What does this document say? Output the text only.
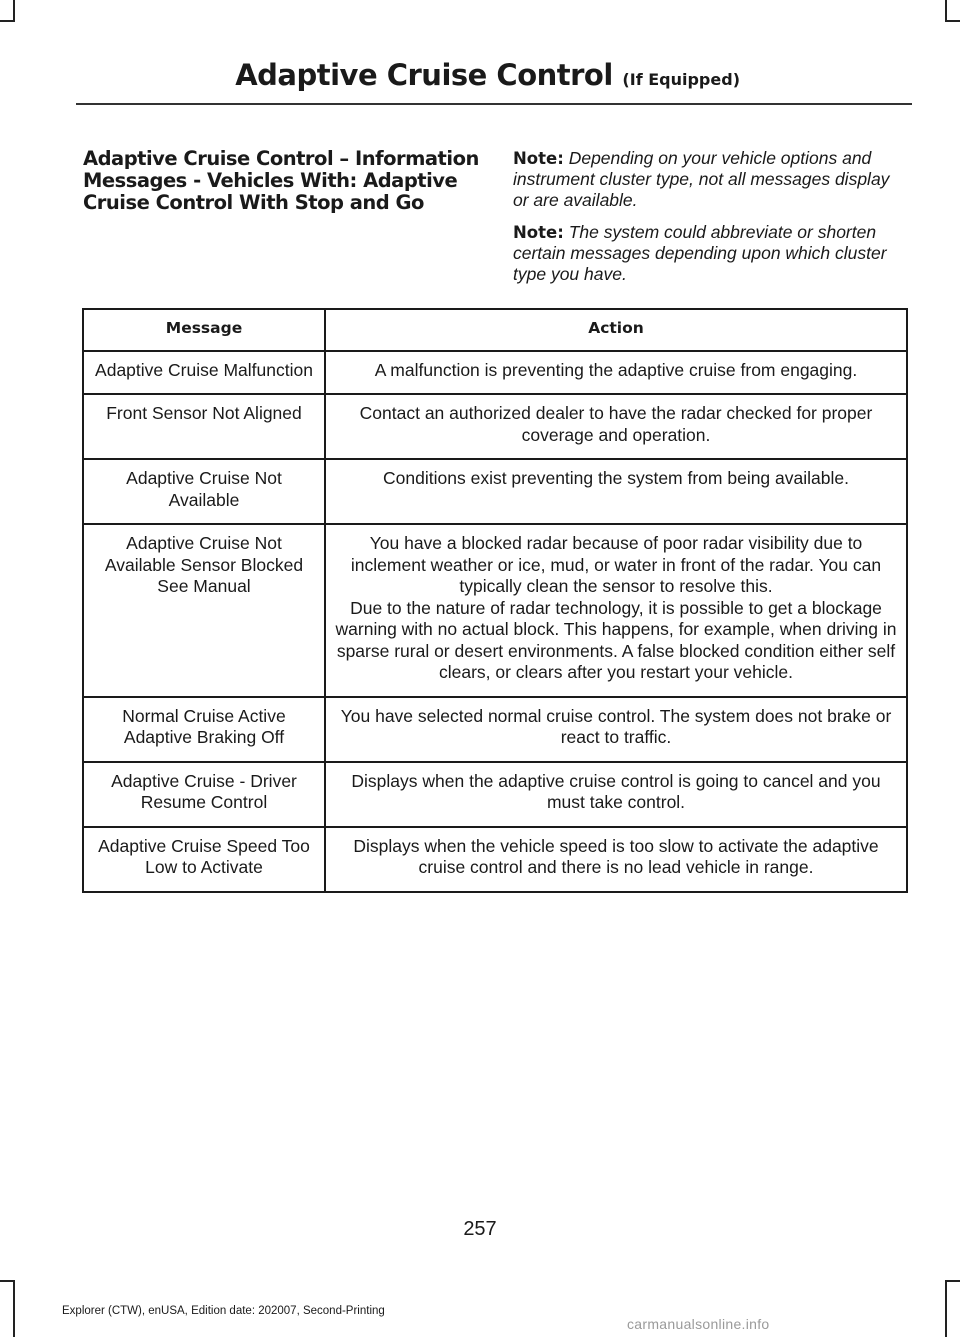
Adaptive Cruise Control (If Equipped)
Adaptive Cruise Control – Information Messages - Vehicles With: Adaptive Cruise Control With Stop and Go

Note: Depending on your vehicle options and instrument cluster type, not all messages display or are available.

Note: The system could abbreviate or shorten certain messages depending upon which cluster type you have.

Message	Action
Adaptive Cruise Malfunction	A malfunction is preventing the adaptive cruise from engaging.

Front Sensor Not Aligned	Contact an authorized dealer to have the radar checked for proper coverage and operation.

Adaptive Cruise Not Available	Conditions exist preventing the system from being available.

Adaptive Cruise Not Available Sensor Blocked See Manual	You have a blocked radar because of poor radar visibility due to inclement weather or ice, mud, or water in front of the radar. You can typically clean the sensor to resolve this.

Due to the nature of radar technology, it is possible to get a blockage warning with no actual block. This happens, for example, when driving in sparse rural or desert environments. A false blocked condition either self clears, or clears after you restart your vehicle.

Normal Cruise Active Adaptive Braking Off	You have selected normal cruise control. The system does not brake or react to traffic.

Adaptive Cruise - Driver Resume Control	Displays when the adaptive cruise control is going to cancel and you must take control.

Adaptive Cruise Speed Too Low to Activate	Displays when the vehicle speed is too slow to activate the adaptive cruise control and there is no lead vehicle in range.

257
Explorer (CTW), enUSA, Edition date: 202007, Second-Printing
carmanualsonline.info
